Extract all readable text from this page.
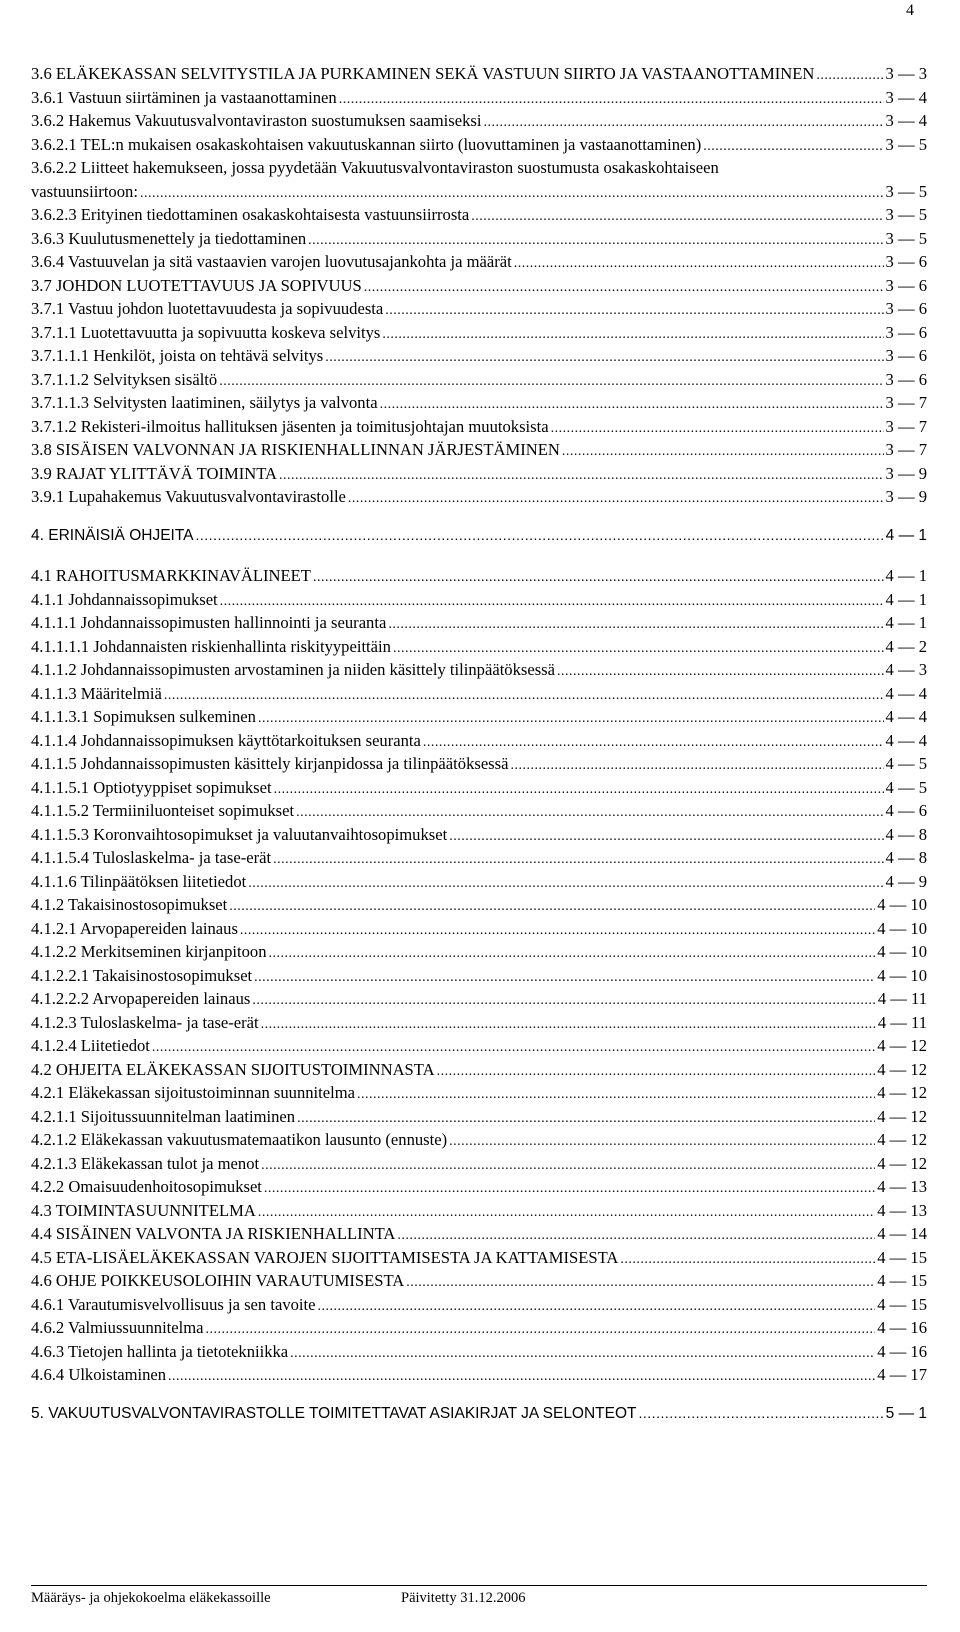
4
3.6 ELÄKEKASSAN SELVITYSTILA JA PURKAMINEN SEKÄ VASTUUN SIIRTO JA VASTAANOTTAMINEN .....	3 — 3
3.6.1 Vastuun siirtäminen ja vastaanottaminen .....	3 — 4
3.6.2 Hakemus Vakuutusvalvontaviraston suostumuksen saamiseksi .....	3 — 4
3.6.2.1 TEL:n mukaisen osakaskohtaisen vakuutuskannan siirto (luovuttaminen ja vastaanottaminen) .....	3 — 5
3.6.2.2 Liitteet hakemukseen, jossa pyydetään Vakuutusvalvontaviraston suostumusta osakaskohtaiseen
vastuunsiirtoon: .....	3 — 5
3.6.2.3 Erityinen tiedottaminen osakaskohtaisesta vastuunsiirrosta .....	3 — 5
3.6.3 Kuulutusmenettely ja tiedottaminen .....	3 — 5
3.6.4 Vastuuvelan ja sitä vastaavien varojen luovutusajankohta ja määrät .....	3 — 6
3.7 JOHDON LUOTETTAVUUS JA SOPIVUUS .....	3 — 6
3.7.1 Vastuu johdon luotettavuudesta ja sopivuudesta .....	3 — 6
3.7.1.1 Luotettavuutta ja sopivuutta koskeva selvitys .....	3 — 6
3.7.1.1.1 Henkilöt, joista on tehtävä selvitys .....	3 — 6
3.7.1.1.2 Selvityksen sisältö .....	3 — 6
3.7.1.1.3 Selvitysten laatiminen, säilytys ja valvonta .....	3 — 7
3.7.1.2 Rekisteri-ilmoitus hallituksen jäsenten ja toimitusjohtajan muutoksista .....	3 — 7
3.8 SISÄISEN VALVONNAN JA RISKIENHALLINNAN JÄRJESTÄMINEN .....	3 — 7
3.9 RAJAT YLITTÄVÄ TOIMINTA .....	3 — 9
3.9.1 Lupahakemus Vakuutusvalvontavirastolle .....	3 — 9
4. ERINÄISIÄ OHJEITA .....	4 — 1
4.1 RAHOITUSMARKKINAVÄLINEET .....	4 — 1
4.1.1 Johdannaissopimukset .....	4 — 1
4.1.1.1 Johdannaissopimusten hallinnointi ja seuranta .....	4 — 1
4.1.1.1.1 Johdannaisten riskienhallinta riskityypeittäin .....	4 — 2
4.1.1.2 Johdannaissopimusten arvostaminen ja niiden käsittely tilinpäätöksessä .....	4 — 3
4.1.1.3 Määritelmiä .....	4 — 4
4.1.1.3.1 Sopimuksen sulkeminen .....	4 — 4
4.1.1.4 Johdannaissopimuksen käyttötarkoituksen seuranta .....	4 — 4
4.1.1.5 Johdannaissopimusten käsittely kirjanpidossa ja tilinpäätöksessä .....	4 — 5
4.1.1.5.1 Optiotyyppiset sopimukset .....	4 — 5
4.1.1.5.2 Termiiniluonteiset sopimukset .....	4 — 6
4.1.1.5.3 Koronvaihtosopimukset ja valuutanvaihtosopimukset .....	4 — 8
4.1.1.5.4 Tuloslaskelma- ja tase-erät .....	4 — 8
4.1.1.6 Tilinpäätöksen liitetiedot .....	4 — 9
4.1.2 Takaisinostosopimukset .....	4 — 10
4.1.2.1 Arvopapereiden lainaus .....	4 — 10
4.1.2.2 Merkitseminen kirjanpitoon .....	4 — 10
4.1.2.2.1 Takaisinostosopimukset .....	4 — 10
4.1.2.2.2 Arvopapereiden lainaus .....	4 — 11
4.1.2.3 Tuloslaskelma- ja tase-erät .....	4 — 11
4.1.2.4 Liitetiedot .....	4 — 12
4.2 OHJEITA ELÄKEKASSAN SIJOITUSTOIMINNASTA .....	4 — 12
4.2.1 Eläkekassan sijoitustoiminnan suunnitelma .....	4 — 12
4.2.1.1 Sijoitussuunnitelman laatiminen .....	4 — 12
4.2.1.2 Eläkekassan vakuutusmatemaatikon lausunto (ennuste) .....	4 — 12
4.2.1.3 Eläkekassan tulot ja menot .....	4 — 12
4.2.2 Omaisuudenhoitosopimukset .....	4 — 13
4.3 TOIMINTASUUNNITELMA .....	4 — 13
4.4 SISÄINEN VALVONTA JA RISKIENHALLINTA .....	4 — 14
4.5 ETA-LISÄELÄKEKASSAN VAROJEN SIJOITTAMISESTA JA KATTAMISESTA .....	4 — 15
4.6 OHJE POIKKEUSOLOIHIN VARAUTUMISESTA .....	4 — 15
4.6.1 Varautumisvelvollisuus ja sen tavoite .....	4 — 15
4.6.2 Valmiussuunnitelma .....	4 — 16
4.6.3 Tietojen hallinta ja tietotekniikka .....	4 — 16
4.6.4 Ulkoistaminen .....	4 — 17
5. VAKUUTUSVALVONTAVIRASTOLLE TOIMITETTAVAT ASIAKIRJAT JA SELONTEOT .....	5 — 1
Määräys- ja ohjekokoelma eläkekassoille	Päivitetty 31.12.2006
